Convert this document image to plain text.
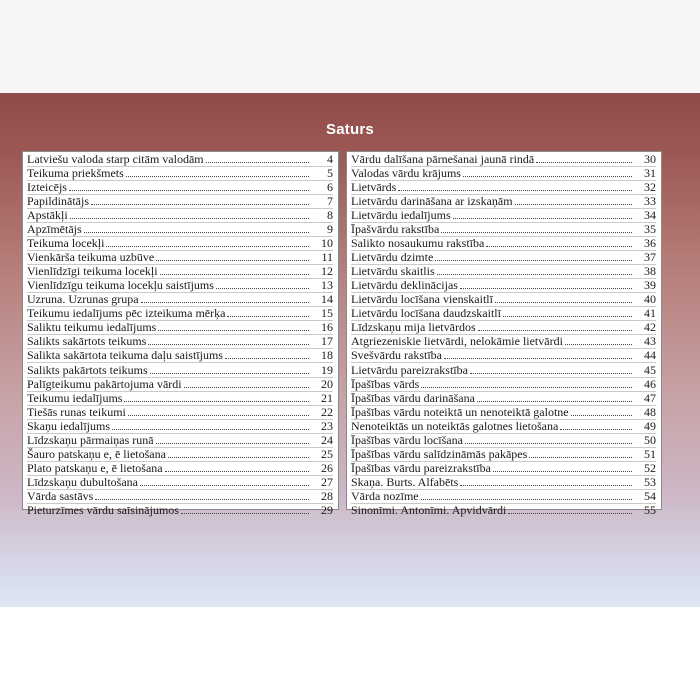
Saturs
Latviešu valoda starp citām valodām	4
Teikuma priekšmets	5
Izteicējs	6
Papildinātājs	7
Apstākļi	8
Apzīmētājs	9
Teikuma locekļi	10
Vienkārša teikuma uzbūve	11
Vienlīdzīgi teikuma locekļi	12
Vienlīdzīgu teikuma locekļu saistījums	13
Uzruna. Uzrunas grupa	14
Teikumu iedalījums pēc izteikuma mērķa	15
Saliktu teikumu iedalījums	16
Salikts sakārtots teikums	17
Salikta sakārtota teikuma daļu saistījums	18
Salikts pakārtots teikums	19
Palīgteikumu pakārtojuma vārdi	20
Teikumu iedalījums	21
Tiešās runas teikumi	22
Skaņu iedalījums	23
Līdzskaņu pārmaiņas runā	24
Šauro patskaņu e, ē lietošana	25
Plato patskaņu e, ē lietošana	26
Līdzskaņu dubultošana	27
Vārda sastāvs	28
Pieturzīmes vārdu saīsinājumos	29
Vārdu dalīšana pārnešanai jaunā rindā	30
Valodas vārdu krājums	31
Lietvārds	32
Lietvārdu darināšana ar izskaņām	33
Lietvārdu iedalījums	34
Īpašvārdu rakstība	35
Salikto nosaukumu rakstība	36
Lietvārdu dzimte	37
Lietvārdu skaitlis	38
Lietvārdu deklinācijas	39
Lietvārdu locīšana vienskaitlī	40
Lietvārdu locīšana daudzskaitlī	41
Līdzskaņu mija lietvārdos	42
Atgriezeniskie lietvārdi, nelokāmie lietvārdi	43
Svešvārdu rakstība	44
Lietvārdu pareizrakstība	45
Īpašības vārds	46
Īpašības vārdu darināšana	47
Īpašības vārdu noteiktā un nenoteiktā galotne	48
Nenoteiktās un noteiktās galotnes lietošana	49
Īpašības vārdu locīšana	50
Īpašības vārdu salīdzināmās pakāpes	51
Īpašības vārdu pareizrakstība	52
Skaņa. Burts. Alfabēts	53
Vārda nozīme	54
Sinonīmi. Antonīmi. Apvidvārdi	55
